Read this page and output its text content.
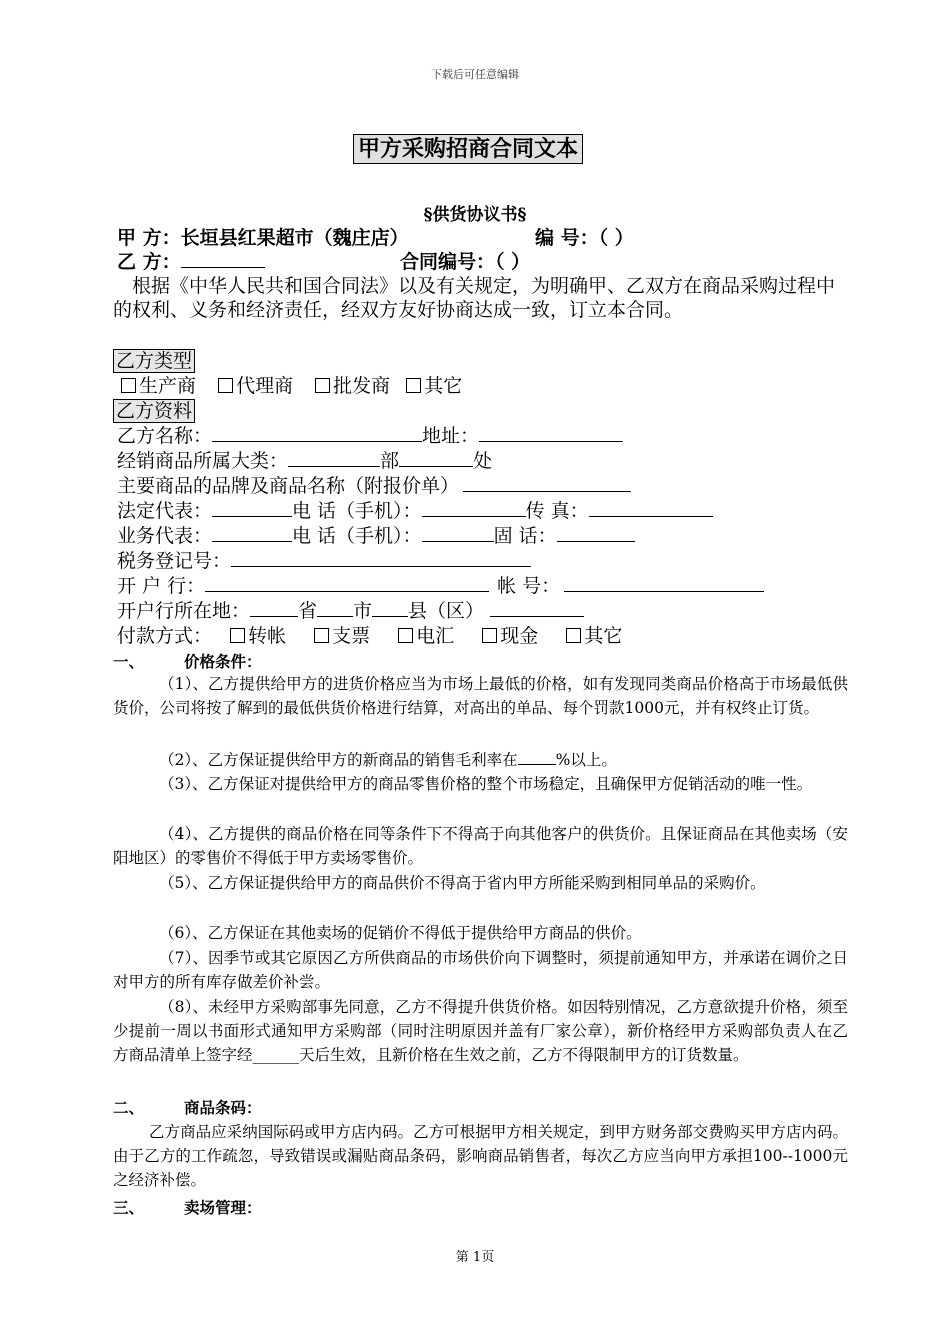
下载后可任意编辑
甲方采购招商合同文本
§供货协议书§
甲 方：长垣县红果超市（魏庄店）	编 号：（ ）
乙 方：	合同编号：（ ）
根据《中华人民共和国合同法》以及有关规定，为明确甲、乙双方在商品采购过程中的权利、义务和经济责任，经双方友好协商达成一致，订立本合同。
乙方类型
生产商 代理商 批发商 其它
乙方资料
乙方名称：	地址：
经销商品所属大类：	部	处
主要商品的品牌及商品名称（附报价单）
法定代表：	电 话（手机）：	传 真：
业务代表：	电 话（手机）：	固 话：
税务登记号：
开 户 行：	帐 号：
开户行所在地：	省 市 县（区）
付款方式： 转帐 支票 电汇 现金 其它
一、	价格条件：
（1）、乙方提供给甲方的进货价格应当为市场上最低的价格，如有发现同类商品价格高于市场最低供货价，公司将按了解到的最低供货价格进行结算，对高出的单品、每个罚款1000元，并有权终止订货。
（2）、乙方保证提供给甲方的新商品的销售毛利率在 %以上。
（3）、乙方保证对提供给甲方的商品零售价格的整个市场稳定，且确保甲方促销活动的唯一性。
（4）、乙方提供的商品价格在同等条件下不得高于向其他客户的供货价。且保证商品在其他卖场（安阳地区）的零售价不得低于甲方卖场零售价。
（5）、乙方保证提供给甲方的商品供价不得高于省内甲方所能采购到相同单品的采购价。
（6）、乙方保证在其他卖场的促销价不得低于提供给甲方商品的供价。
（7）、因季节或其它原因乙方所供商品的市场供价向下调整时，须提前通知甲方，并承诺在调价之日对甲方的所有库存做差价补尝。
（8）、未经甲方采购部事先同意，乙方不得提升供货价格。如因特别情况，乙方意欲提升价格，须至少提前一周以书面形式通知甲方采购部（同时注明原因并盖有厂家公章），新价格经甲方采购部负责人在乙方商品清单上签字经______天后生效，且新价格在生效之前，乙方不得限制甲方的订货数量。
二、	商品条码：
乙方商品应采纳国际码或甲方店内码。乙方可根据甲方相关规定，到甲方财务部交费购买甲方店内码。由于乙方的工作疏忽，导致错误或漏贴商品条码，影响商品销售者，每次乙方应当向甲方承担100--1000元之经济补偿。
三、	卖场管理：
第 1页
